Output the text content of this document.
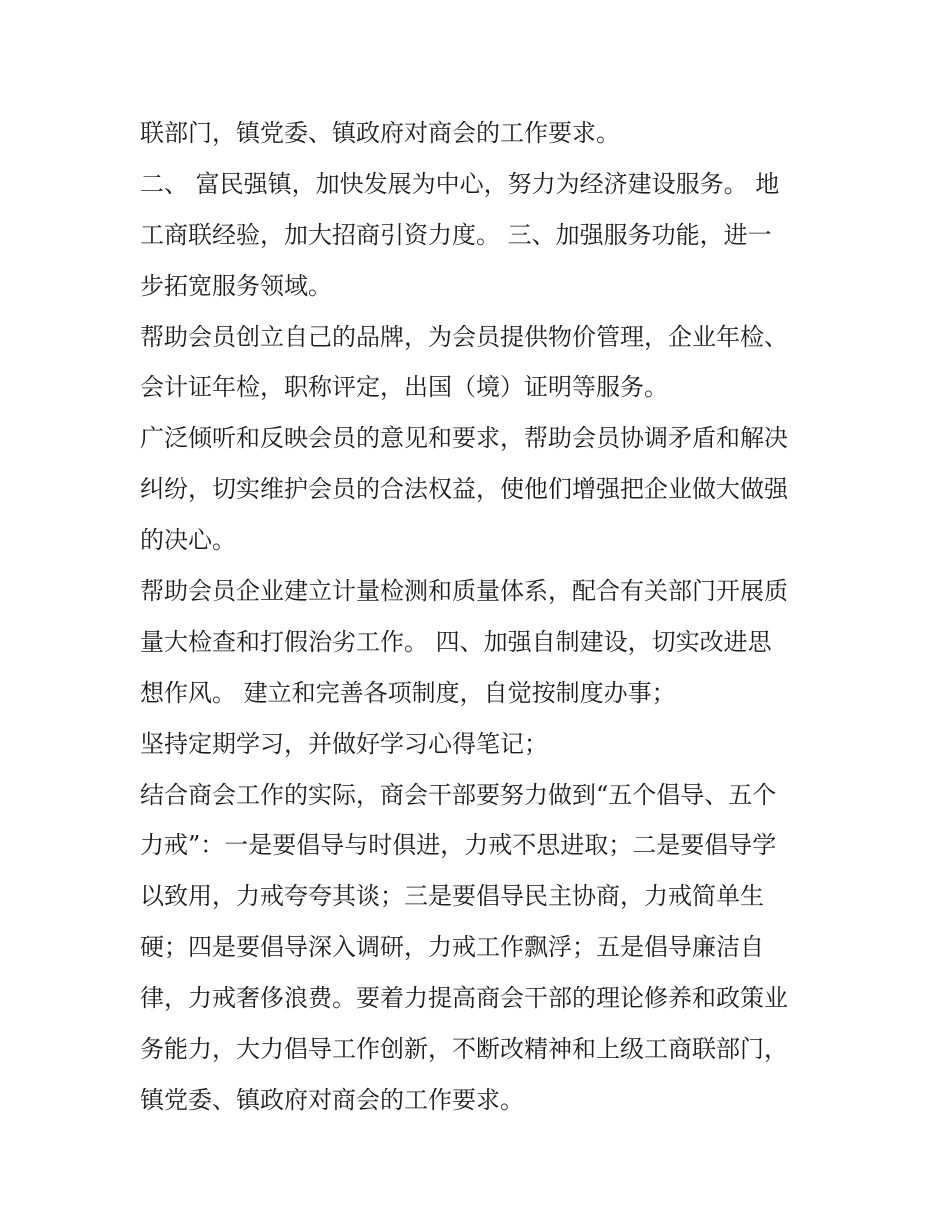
联部门，镇党委、镇政府对商会的工作要求。
二、 富民强镇，加快发展为中心，努力为经济建设服务。 地
工商联经验，加大招商引资力度。 三、加强服务功能，进一
步拓宽服务领域。
帮助会员创立自己的品牌，为会员提供物价管理，企业年检、
会计证年检，职称评定，出国（境）证明等服务。
广泛倾听和反映会员的意见和要求，帮助会员协调矛盾和解决
纠纷，切实维护会员的合法权益，使他们增强把企业做大做强
的决心。
帮助会员企业建立计量检测和质量体系，配合有关部门开展质
量大检查和打假治劣工作。 四、加强自制建设，切实改进思
想作风。 建立和完善各项制度，自觉按制度办事；
坚持定期学习，并做好学习心得笔记；
结合商会工作的实际，商会干部要努力做到“五个倡导、五个
力戒”：一是要倡导与时俱进，力戒不思进取；二是要倡导学
以致用，力戒夸夸其谈；三是要倡导民主协商，力戒简单生
硬；四是要倡导深入调研，力戒工作飘浮；五是倡导廉洁自
律，力戒奢侈浪费。要着力提高商会干部的理论修养和政策业
务能力，大力倡导工作创新，不断改精神和上级工商联部门，
镇党委、镇政府对商会的工作要求。
